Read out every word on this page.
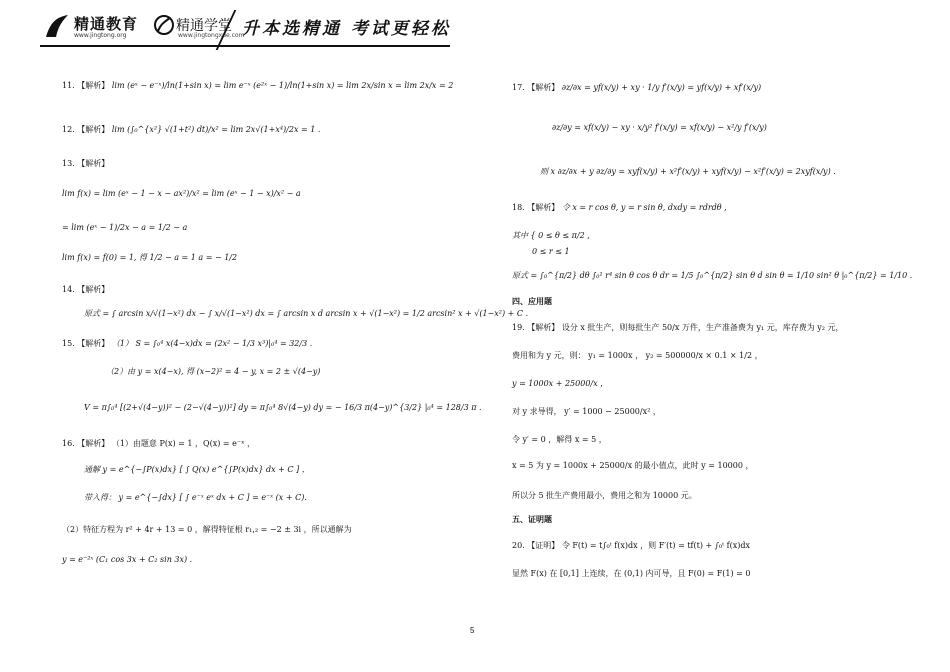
精通教育
www.jingtong.org
精通学堂
www.jingtongxue.com
升本选精通 考试更轻松
11. 【解析】 lim (eˣ − e⁻ˣ)/ln(1+sin x) = lim e⁻ˣ (e²ˣ − 1)/ln(1+sin x) = lim 2x/sin x = lim 2x/x = 2
12. 【解析】 lim (∫₀^{x²} √(1+t²) dt)/x² = lim 2x√(1+x⁴)/2x = 1 .
13. 【解析】
lim f(x) = lim (eˣ − 1 − x − ax²)/x² = lim (eˣ − 1 − x)/x² − a
= lim (eˣ − 1)/2x − a = 1/2 − a
lim f(x) = f(0) = 1, 得 1/2 − a = 1 a = − 1/2
14. 【解析】
原式 = ∫ arcsin x/√(1−x²) dx − ∫ x/√(1−x²) dx = ∫ arcsin x d arcsin x + √(1−x²) = 1/2 arcsin² x + √(1−x²) + C .
15. 【解析】 （1） S = ∫₀⁴ x(4−x)dx = (2x² − 1/3 x³)|₀⁴ = 32/3 .
（2）由 y = x(4−x), 得 (x−2)² = 4 − y, x = 2 ± √(4−y)
V = π∫₀⁴ [(2+√(4−y))² − (2−√(4−y))²] dy = π∫₀⁴ 8√(4−y) dy = − 16/3 π(4−y)^{3/2} |₀⁴ = 128/3 π .
16. 【解析】 （1）由题意 P(x) = 1 ，Q(x) = e⁻ˣ ，
通解 y = e^{−∫P(x)dx} [ ∫ Q(x) e^{∫P(x)dx} dx + C ] ，
带入得： y = e^{−∫dx} [ ∫ e⁻ˣ eˣ dx + C ] = e⁻ˣ (x + C).
（2）特征方程为 r² + 4r + 13 = 0 ，解得特征根 r₁,₂ = −2 ± 3i ，所以通解为
y = e⁻²ˣ (C₁ cos 3x + C₂ sin 3x) .
17. 【解析】 ∂z/∂x = yf(x/y) + xy · 1/y f′(x/y) = yf(x/y) + xf′(x/y)
∂z/∂y = xf(x/y) − xy · x/y² f′(x/y) = xf(x/y) − x²/y f′(x/y)
则 x ∂z/∂x + y ∂z/∂y = xyf(x/y) + x²f′(x/y) + xyf(x/y) − x²f′(x/y) = 2xyf(x/y) .
18. 【解析】 令 x = r cos θ, y = r sin θ, dxdy = rdrdθ ,
其中 { 0 ≤ θ ≤ π/2 ,
0 ≤ r ≤ 1
原式 = ∫₀^{π/2} dθ ∫₀¹ r⁴ sin θ cos θ dr = 1/5 ∫₀^{π/2} sin θ d sin θ = 1/10 sin² θ |₀^{π/2} = 1/10 .
四、应用题
19. 【解析】 设分 x 批生产，则每批生产 50/x 万件，生产准备费为 y₁ 元，库存费为 y₂ 元，
费用和为 y 元，则： y₁ = 1000x ， y₂ = 500000/x × 0.1 × 1/2 ，
y = 1000x + 25000/x ，
对 y 求导得， y′ = 1000 − 25000/x² ，
令 y′ = 0 ，解得 x = 5 ，
x = 5 为 y = 1000x + 25000/x 的最小值点，此时 y = 10000 ，
所以分 5 批生产费用最小，费用之和为 10000 元。
五、证明题
20. 【证明】 令 F(t) = t∫₀ᵗ f(x)dx ，则 F′(t) = tf(t) + ∫₀ᵗ f(x)dx
显然 F(x) 在 [0,1] 上连续，在 (0,1) 内可导，且 F(0) = F(1) = 0
5
